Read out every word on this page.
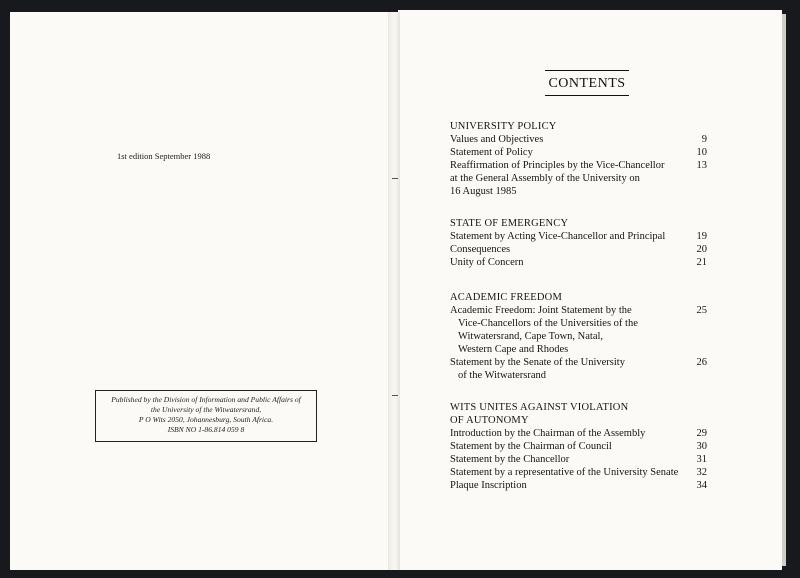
1st edition September 1988
Published by the Division of Information and Public Affairs of
the University of the Witwatersrand,
P O Wits 2050, Johannesburg, South Africa.
ISBN NO 1-86.814 059 8
CONTENTS
UNIVERSITY POLICY
Values and Objectives	9
Statement of Policy	10
Reaffirmation of Principles by the Vice-Chancellor
at the General Assembly of the University on
16 August 1985
13
STATE OF EMERGENCY
Statement by Acting Vice-Chancellor and Principal	19
Consequences	20
Unity of Concern	21
ACADEMIC FREEDOM
Academic Freedom: Joint Statement by the
Vice-Chancellors of the Universities of the
Witwatersrand, Cape Town, Natal,
Western Cape and Rhodes
25
Statement by the Senate of the University
of the Witwatersrand
26
WITS UNITES AGAINST VIOLATION
OF AUTONOMY
Introduction by the Chairman of the Assembly	29
Statement by the Chairman of Council	30
Statement by the Chancellor	31
Statement by a representative of the University Senate 32
Plaque Inscription	34
